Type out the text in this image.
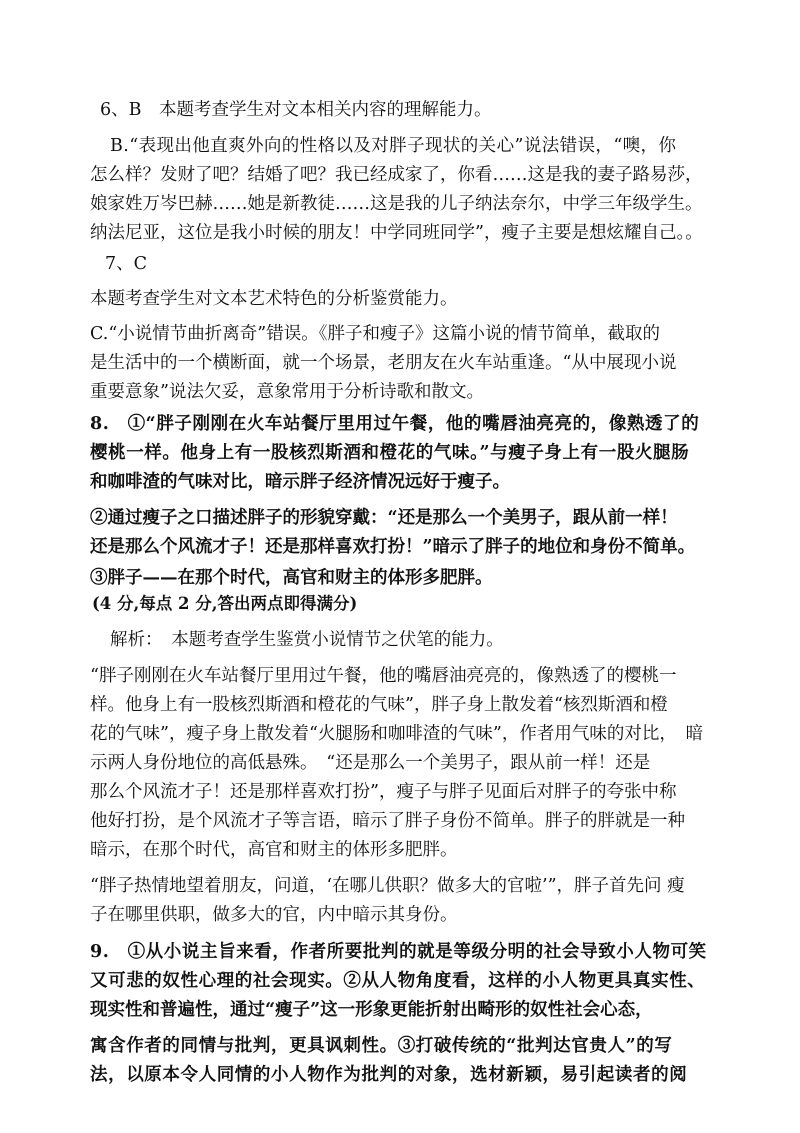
6、B　本题考查学生对文本相关内容的理解能力。
B.“表现出他直爽外向的性格以及对胖子现状的关心”说法错误，“噢，你
怎么样？发财了吧？结婚了吧？我已经成家了，你看……这是我的妻子路易莎，
娘家姓万岑巴赫……她是新教徒……这是我的儿子纳法奈尔，中学三年级学生。
纳法尼亚，这位是我小时候的朋友！中学同班同学”，瘦子主要是想炫耀自己。。
7、C
本题考查学生对文本艺术特色的分析鉴赏能力。
C.“小说情节曲折离奇”错误。《胖子和瘦子》这篇小说的情节简单，截取的
是生活中的一个横断面，就一个场景，老朋友在火车站重逢。“从中展现小说
重要意象”说法欠妥，意象常用于分析诗歌和散文。
8.　①“胖子刚刚在火车站餐厅里用过午餐，他的嘴唇油亮亮的，像熟透了的
樱桃一样。他身上有一股核烈斯酒和橙花的气味。”与瘦子身上有一股火腿肠
和咖啡渣的气味对比，暗示胖子经济情况远好于瘦子。
②通过瘦子之口描述胖子的形貌穿戴：“还是那么一个美男子，跟从前一样！
还是那么个风流才子！还是那样喜欢打扮！”暗示了胖子的地位和身份不简单。
③胖子——在那个时代，高官和财主的体形多肥胖。
(4 分,每点 2 分,答出两点即得满分)
解析：　本题考查学生鉴赏小说情节之伏笔的能力。
“胖子刚刚在火车站餐厅里用过午餐，他的嘴唇油亮亮的，像熟透了的樱桃一
样。他身上有一股核烈斯酒和橙花的气味”，胖子身上散发着“核烈斯酒和橙
花的气味”，瘦子身上散发着“火腿肠和咖啡渣的气味”，作者用气味的对比，　暗
示两人身份地位的高低悬殊。　“还是那么一个美男子，跟从前一样！还是
那么个风流才子！还是那样喜欢打扮”，瘦子与胖子见面后对胖子的夸张中称
他好打扮，是个风流才子等言语，暗示了胖子身份不简单。胖子的胖就是一种
暗示，在那个时代，高官和财主的体形多肥胖。
“胖子热情地望着朋友，问道，‘在哪儿供职？做多大的官啦’”，胖子首先问 瘦
子在哪里供职，做多大的官，内中暗示其身份。
9.　①从小说主旨来看，作者所要批判的就是等级分明的社会导致小人物可笑
又可悲的奴性心理的社会现实。②从人物角度看，这样的小人物更具真实性、
现实性和普遍性，通过“瘦子”这一形象更能折射出畸形的奴性社会心态，
寓含作者的同情与批判，更具讽刺性。③打破传统的“批判达官贵人”的写
法，以原本令人同情的小人物作为批判的对象，选材新颖，易引起读者的阅
